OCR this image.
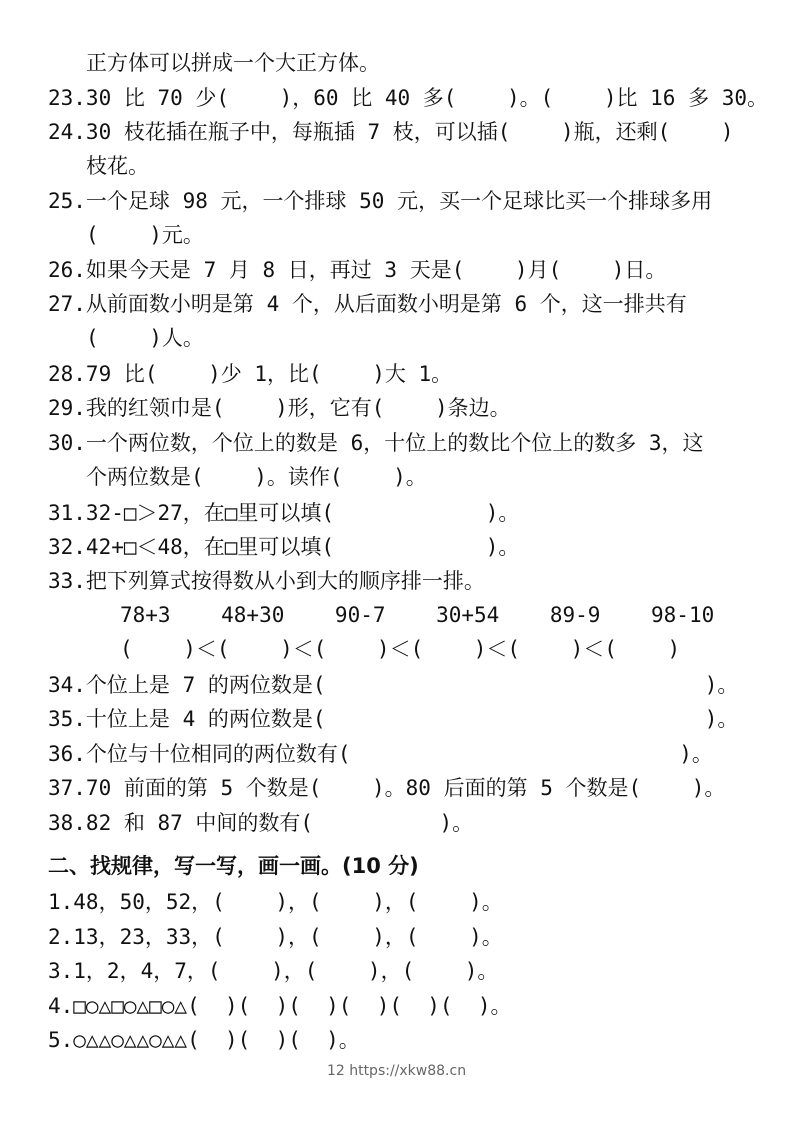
正方体可以拼成一个大正方体。
23.30 比 70 少(    )，60 比 40 多(    )。(    )比 16 多 30。
24.30 枝花插在瓶子中，每瓶插 7 枝，可以插(    )瓶，还剩(    )
枝花。
25.一个足球 98 元，一个排球 50 元，买一个足球比买一个排球多用
(    )元。
26.如果今天是 7 月 8 日，再过 3 天是(    )月(    )日。
27.从前面数小明是第 4 个，从后面数小明是第 6 个，这一排共有
(    )人。
28.79 比(    )少 1，比(    )大 1。
29.我的红领巾是(    )形，它有(    )条边。
30.一个两位数，个位上的数是 6，十位上的数比个位上的数多 3，这
个两位数是(    )。读作(    )。
31.32-□＞27，在□里可以填(            )。
32.42+□＜48，在□里可以填(            )。
33.把下列算式按得数从小到大的顺序排一排。
78+3    48+30    90-7    30+54    89-9    98-10
(    )＜(    )＜(    )＜(    )＜(    )＜(    )
34.个位上是 7 的两位数是(                              )。
35.十位上是 4 的两位数是(                              )。
36.个位与十位相同的两位数有(                          )。
37.70 前面的第 5 个数是(    )。80 后面的第 5 个数是(    )。
38.82 和 87 中间的数有(          )。
二、找规律，写一写，画一画。(10 分)
1.48，50，52，(    )，(    )，(    )。
2.13，23，33，(    )，(    )，(    )。
3.1，2，4，7，(    )，(    )，(    )。
4.□○△□○△□○△(  )(  )(  )(  )(  )(  )。
5.○△△○△△○△△(  )(  )(  )。
12 https://xkw88.cn
